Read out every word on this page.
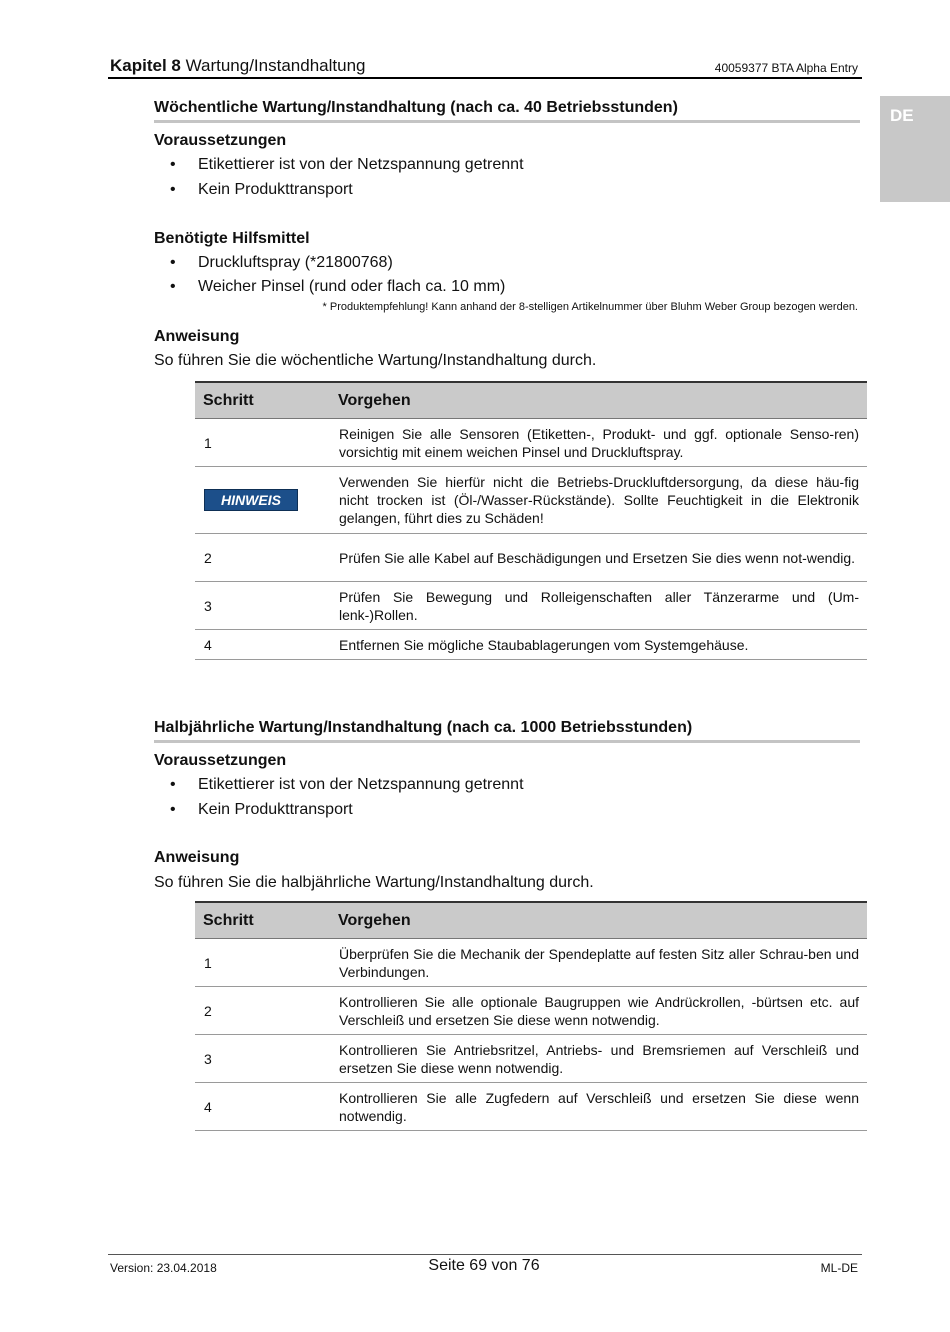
Kapitel 8 Wartung/Instandhaltung	40059377 BTA Alpha Entry
DE
Wöchentliche Wartung/Instandhaltung (nach ca. 40 Betriebsstunden)
Voraussetzungen
• Etikettierer ist von der Netzspannung getrennt
• Kein Produkttransport
Benötigte Hilfsmittel
• Druckluftspray (*21800768)
• Weicher Pinsel (rund oder flach ca. 10 mm)
* Produktempfehlung! Kann anhand der 8-stelligen Artikelnummer über Bluhm Weber Group bezogen werden.
Anweisung
So führen Sie die wöchentliche Wartung/Instandhaltung durch.
Schritt	Vorgehen
1	Reinigen Sie alle Sensoren (Etiketten-, Produkt- und ggf. optionale Senso-ren) vorsichtig mit einem weichen Pinsel und Druckluftspray.
HINWEIS	Verwenden Sie hierfür nicht die Betriebs-Druckluftdersorgung, da diese häu-fig nicht trocken ist (Öl-/Wasser-Rückstände). Sollte Feuchtigkeit in die Elektronik gelangen, führt dies zu Schäden!
2	Prüfen Sie alle Kabel auf Beschädigungen und Ersetzen Sie dies wenn not-wendig.
3	Prüfen Sie Bewegung und Rolleigenschaften aller Tänzerarme und (Um-lenk-)Rollen.
4	Entfernen Sie mögliche Staubablagerungen vom Systemgehäuse.
Halbjährliche Wartung/Instandhaltung (nach ca. 1000 Betriebsstunden)
Voraussetzungen
• Etikettierer ist von der Netzspannung getrennt
• Kein Produkttransport
Anweisung
So führen Sie die halbjährliche Wartung/Instandhaltung durch.
Schritt	Vorgehen
1	Überprüfen Sie die Mechanik der Spendeplatte auf festen Sitz aller Schrau-ben und Verbindungen.
2	Kontrollieren Sie alle optionale Baugruppen wie Andrückrollen, -bürtsen etc. auf Verschleiß und ersetzen Sie diese wenn notwendig.
3	Kontrollieren Sie Antriebsritzel, Antriebs- und Bremsriemen auf Verschleiß und ersetzen Sie diese wenn notwendig.
4	Kontrollieren Sie alle Zugfedern auf Verschleiß und ersetzen Sie diese wenn notwendig.
Version: 23.04.2018	Seite 69 von 76	ML-DE
